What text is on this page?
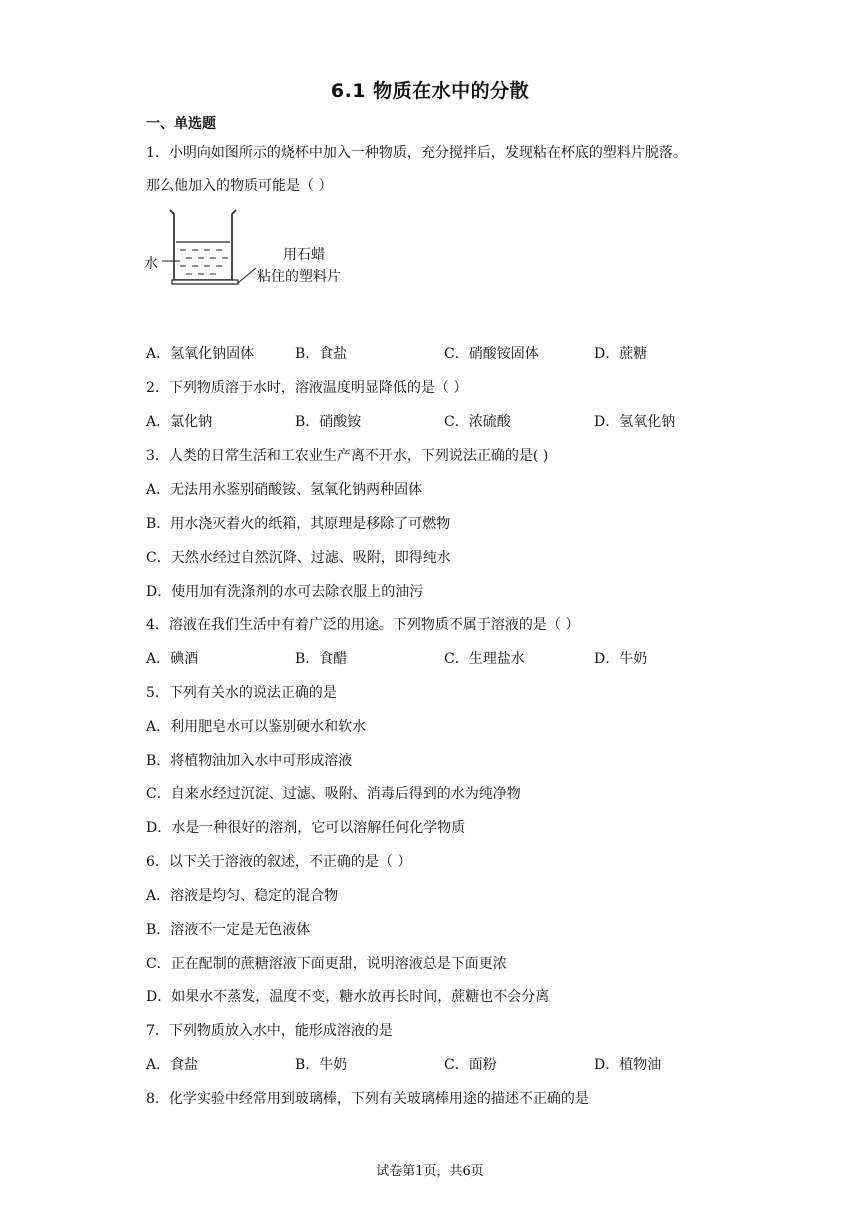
6.1 物质在水中的分散
一、单选题
1．小明向如图所示的烧杯中加入一种物质，充分搅拌后，发现粘在杯底的塑料片脱落。
那么他加入的物质可能是（ ）
水
用石蜡
粘住的塑料片
A．氢氧化钠固体	B．食盐	C．硝酸铵固体	D．蔗糖
2．下列物质溶于水时，溶液温度明显降低的是（ ）
A．氯化钠	B．硝酸铵	C．浓硫酸	D．氢氧化钠
3．人类的日常生活和工农业生产离不开水，下列说法正确的是( )
A．无法用水鉴别硝酸铵、氢氧化钠两种固体
B．用水浇灭着火的纸箱，其原理是移除了可燃物
C．天然水经过自然沉降、过滤、吸附，即得纯水
D．使用加有洗涤剂的水可去除衣服上的油污
4．溶液在我们生活中有着广泛的用途。下列物质不属于溶液的是（ ）
A．碘酒	B．食醋	C．生理盐水	D．牛奶
5．下列有关水的说法正确的是
A．利用肥皂水可以鉴别硬水和软水
B．将植物油加入水中可形成溶液
C．自来水经过沉淀、过滤、吸附、消毒后得到的水为纯净物
D．水是一种很好的溶剂，它可以溶解任何化学物质
6．以下关于溶液的叙述，不正确的是（ ）
A．溶液是均匀、稳定的混合物
B．溶液不一定是无色液体
C．正在配制的蔗糖溶液下面更甜，说明溶液总是下面更浓
D．如果水不蒸发，温度不变，糖水放再长时间，蔗糖也不会分离
7．下列物质放入水中，能形成溶液的是
A．食盐	B．牛奶	C．面粉	D．植物油
8．化学实验中经常用到玻璃棒，下列有关玻璃棒用途的描述不正确的是
试卷第1页，共6页
